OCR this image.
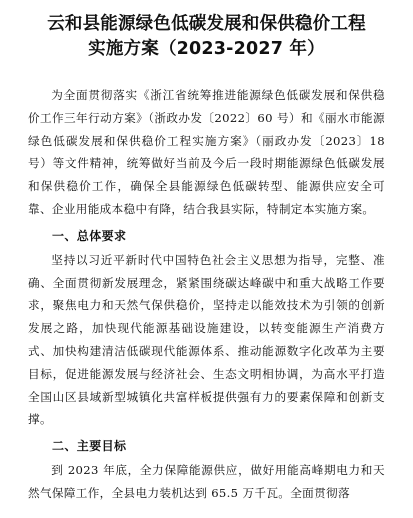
云和县能源绿色低碳发展和保供稳价工程
实施方案（2023-2027 年）

为全面贯彻落实《浙江省统筹推进能源绿色低碳发展和保供稳价工作三年行动方案》（浙政办发〔2022〕60 号）和《丽水市能源绿色低碳发展和保供稳价工程实施方案》（丽政办发〔2023〕18 号）等文件精神，统筹做好当前及今后一段时期能源绿色低碳发展和保供稳价工作，确保全县能源绿色低碳转型、能源供应安全可靠、企业用能成本稳中有降，结合我县实际，特制定本实施方案。

一、总体要求

坚持以习近平新时代中国特色社会主义思想为指导，完整、准确、全面贯彻新发展理念，紧紧围绕碳达峰碳中和重大战略工作要求，聚焦电力和天然气保供稳价，坚持走以能效技术为引领的创新发展之路，加快现代能源基础设施建设，以转变能源生产消费方式、加快构建清洁低碳现代能源体系、推动能源数字化改革为主要目标，促进能源发展与经济社会、生态文明相协调，为高水平打造全国山区县域新型城镇化共富样板提供强有力的要素保障和创新支撑。

二、主要目标

到 2023 年底，全力保障能源供应，做好用能高峰期电力和天然气保障工作，全县电力装机达到 65.5 万千瓦。全面贯彻落
